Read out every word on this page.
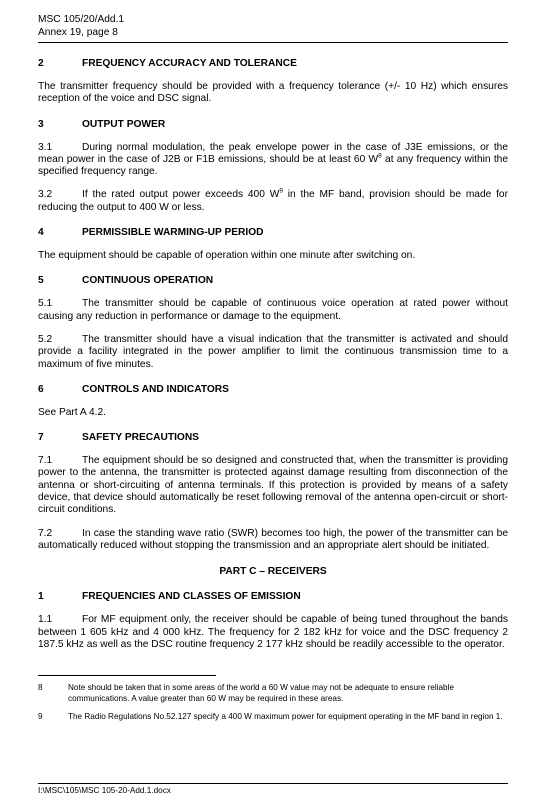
MSC 105/20/Add.1
Annex 19, page 8
2	FREQUENCY ACCURACY AND TOLERANCE
The transmitter frequency should be provided with a frequency tolerance (+/- 10 Hz) which ensures reception of the voice and DSC signal.
3	OUTPUT POWER
3.1	During normal modulation, the peak envelope power in the case of J3E emissions, or the mean power in the case of J2B or F1B emissions, should be at least 60 $W^8$ at any frequency within the specified frequency range.
3.2	If the rated output power exceeds 400 $W^9$ in the MF band, provision should be made for reducing the output to 400 W or less.
4	PERMISSIBLE WARMING-UP PERIOD
The equipment should be capable of operation within one minute after switching on.
5	CONTINUOUS OPERATION
5.1	The transmitter should be capable of continuous voice operation at rated power without causing any reduction in performance or damage to the equipment.
5.2	The transmitter should have a visual indication that the transmitter is activated and should provide a facility integrated in the power amplifier to limit the continuous transmission time to a maximum of five minutes.
6	CONTROLS AND INDICATORS
See Part A 4.2.
7	SAFETY PRECAUTIONS
7.1	The equipment should be so designed and constructed that, when the transmitter is providing power to the antenna, the transmitter is protected against damage resulting from disconnection of the antenna or short-circuiting of antenna terminals. If this protection is provided by means of a safety device, that device should automatically be reset following removal of the antenna open-circuit or short-circuit conditions.
7.2	In case the standing wave ratio (SWR) becomes too high, the power of the transmitter can be automatically reduced without stopping the transmission and an appropriate alert should be initiated.
PART C – RECEIVERS
1	FREQUENCIES AND CLASSES OF EMISSION
1.1	For MF equipment only, the receiver should be capable of being tuned throughout the bands between 1 605 kHz and 4 000 kHz. The frequency for 2 182 kHz for voice and the DSC frequency 2 187.5 kHz as well as the DSC routine frequency 2 177 kHz should be readily accessible to the operator.
8	Note should be taken that in some areas of the world a 60 W value may not be adequate to ensure reliable communications. A value greater than 60 W may be required in these areas.
9	The Radio Regulations No.52.127 specify a 400 W maximum power for equipment operating in the MF band in region 1.
I:\MSC\105\MSC 105-20-Add.1.docx
